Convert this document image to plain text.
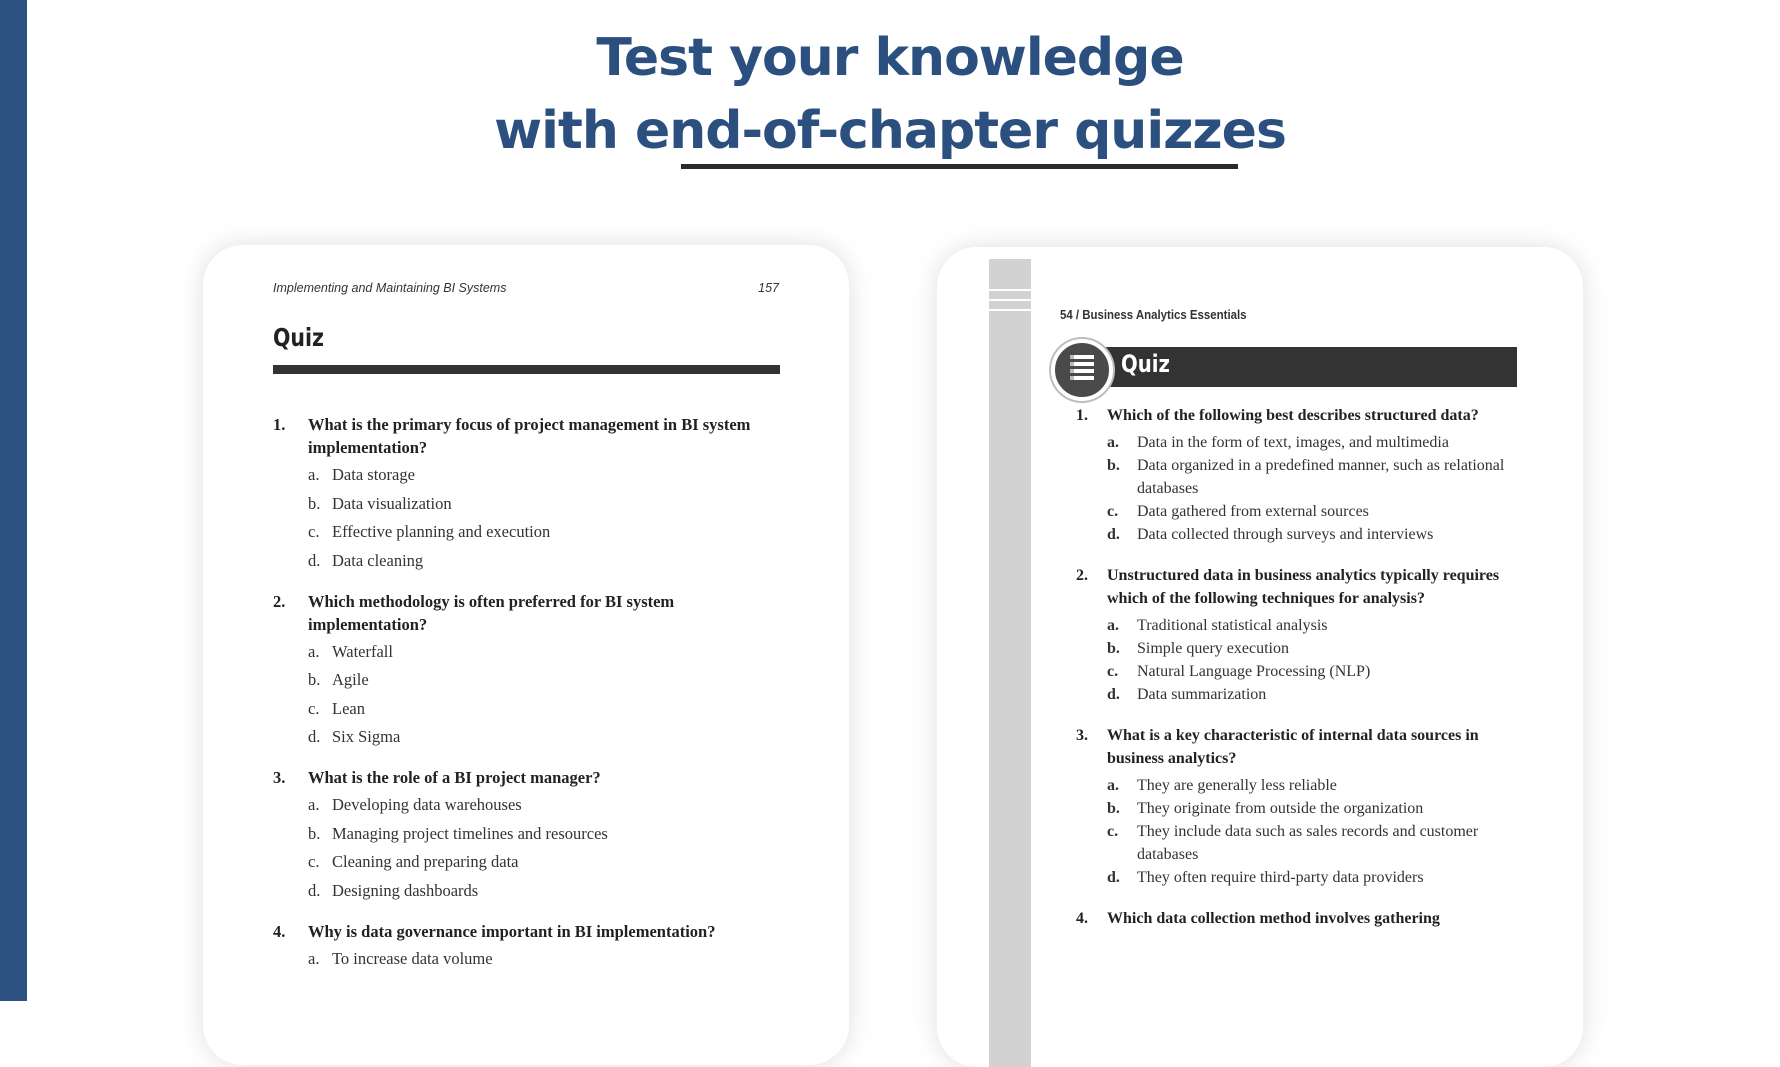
Test your knowledge
with end-of-chapter quizzes
Implementing and Maintaining BI Systems	157
Quiz
1.	What is the primary focus of project management in BI system implementation?
a. Data storage
b. Data visualization
c. Effective planning and execution
d. Data cleaning
2.	Which methodology is often preferred for BI system implementation?
a. Waterfall
b. Agile
c. Lean
d. Six Sigma
3.	What is the role of a BI project manager?
a. Developing data warehouses
b. Managing project timelines and resources
c. Cleaning and preparing data
d. Designing dashboards
4.	Why is data governance important in BI implementation?
a. To increase data volume
54 / Business Analytics Essentials
Quiz
1.	Which of the following best describes structured data?
a.	Data in the form of text, images, and multimedia
b.	Data organized in a predefined manner, such as relational databases
c.	Data gathered from external sources
d.	Data collected through surveys and interviews
2.	Unstructured data in business analytics typically requires which of the following techniques for analysis?
a.	Traditional statistical analysis
b.	Simple query execution
c.	Natural Language Processing (NLP)
d.	Data summarization
3.	What is a key characteristic of internal data sources in business analytics?
a.	They are generally less reliable
b.	They originate from outside the organization
c.	They include data such as sales records and customer databases
d.	They often require third-party data providers
4.	Which data collection method involves gathering
